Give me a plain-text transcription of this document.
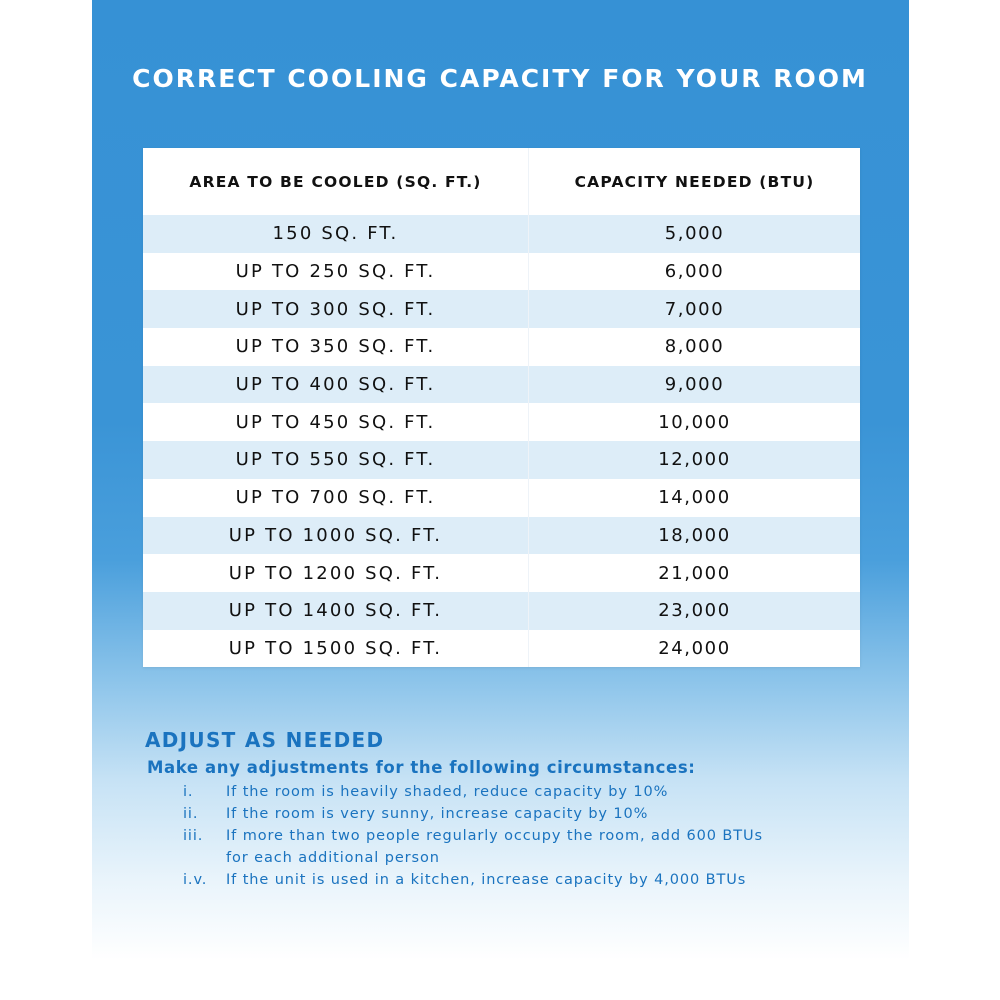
CORRECT COOLING CAPACITY FOR YOUR ROOM
AREA TO BE COOLED (SQ. FT.)	CAPACITY NEEDED (BTU)
150 SQ. FT.	5,000
UP TO 250 SQ. FT.	6,000
UP TO 300 SQ. FT.	7,000
UP TO 350 SQ. FT.	8,000
UP TO 400 SQ. FT.	9,000
UP TO 450 SQ. FT.	10,000
UP TO 550 SQ. FT.	12,000
UP TO 700 SQ. FT.	14,000
UP TO 1000 SQ. FT.	18,000
UP TO 1200 SQ. FT.	21,000
UP TO 1400 SQ. FT.	23,000
UP TO 1500 SQ. FT.	24,000
ADJUST AS NEEDED

Make any adjustments for the following circumstances:

i.	If the room is heavily shaded, reduce capacity by 10%
ii.	If the room is very sunny, increase capacity by 10%
iii.	If more than two people regularly occupy the room, add 600 BTUs for each additional person
i.v.	If the unit is used in a kitchen, increase capacity by 4,000 BTUs
